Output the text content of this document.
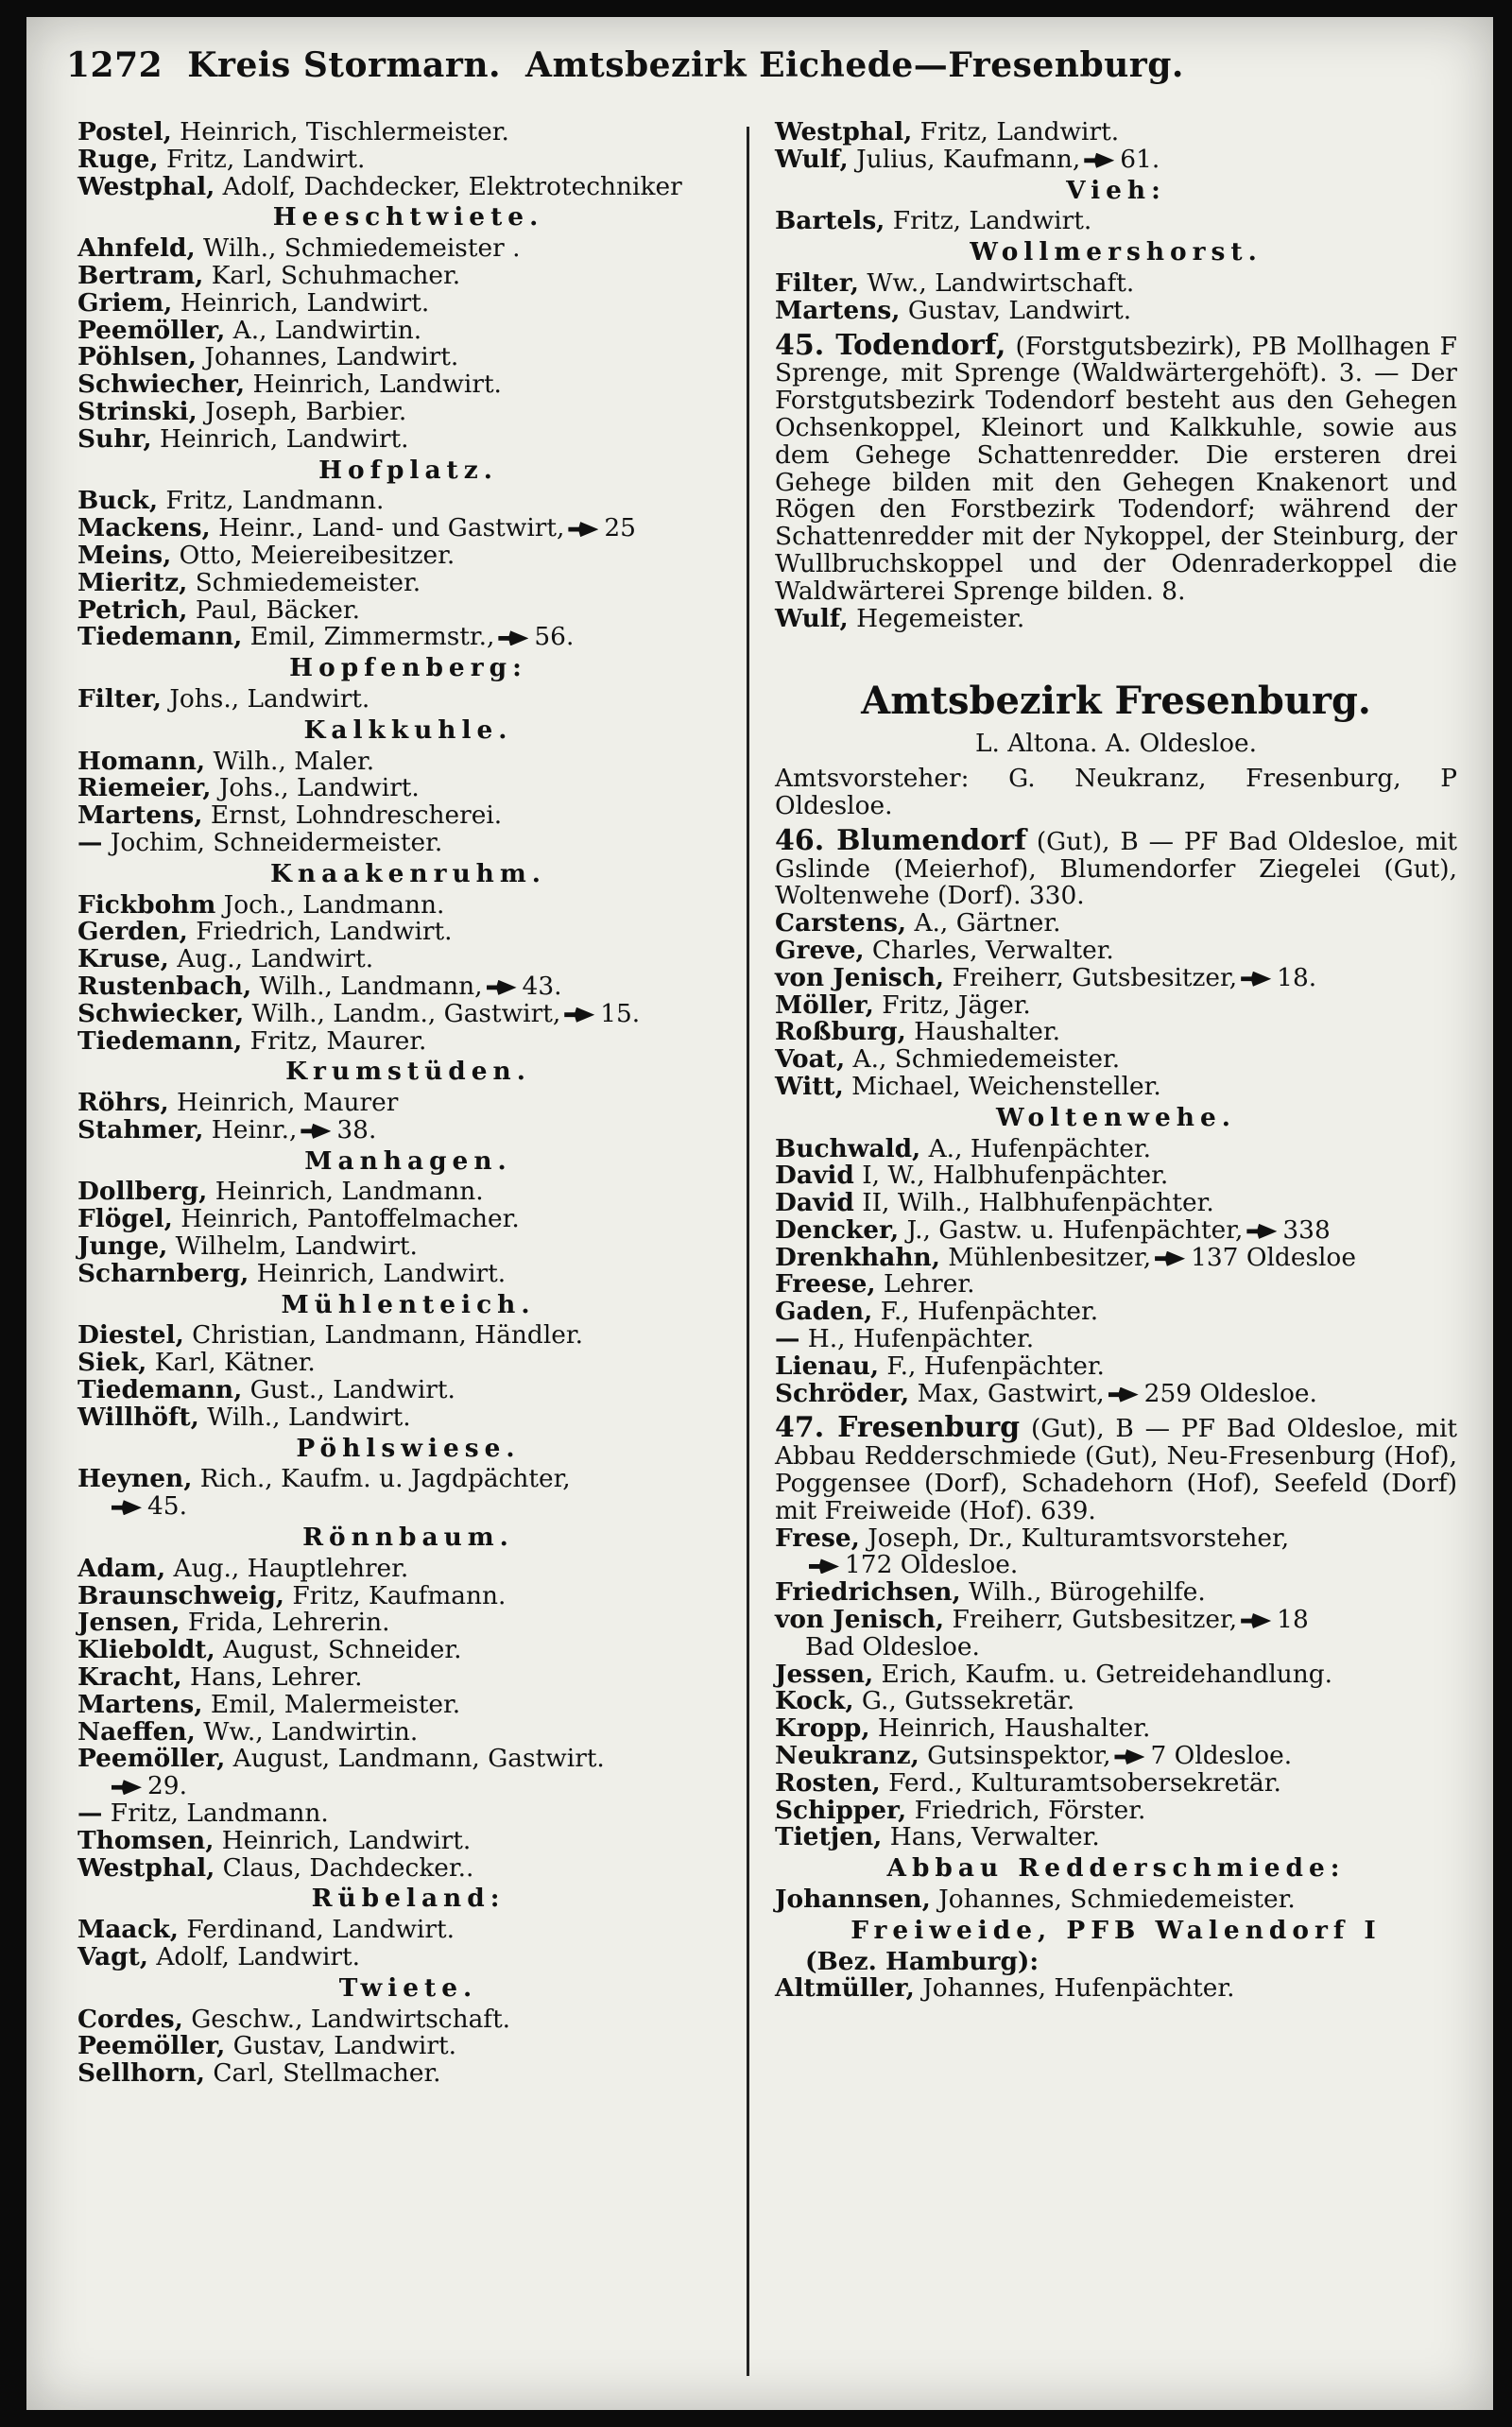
1272 Kreis Stormarn. Amtsbezirk Eichede—Fresenburg.
Postel, Heinrich, Tischlermeister.
Ruge, Fritz, Landwirt.
Westphal, Adolf, Dachdecker, Elektrotechniker
Heeschtwiete.
Ahnfeld, Wilh., Schmiedemeister .
Bertram, Karl, Schuhmacher.
Griem, Heinrich, Landwirt.
Peemöller, A., Landwirtin.
Pöhlsen, Johannes, Landwirt.
Schwiecher, Heinrich, Landwirt.
Strinski, Joseph, Barbier.
Suhr, Heinrich, Landwirt.
Hofplatz.
Buck, Fritz, Landmann.
Mackens, Heinr., Land- und Gastwirt, 25
Meins, Otto, Meiereibesitzer.
Mieritz, Schmiedemeister.
Petrich, Paul, Bäcker.
Tiedemann, Emil, Zimmermstr., 56.
Hopfenberg:
Filter, Johs., Landwirt.
Kalkkuhle.
Homann, Wilh., Maler.
Riemeier, Johs., Landwirt.
Martens, Ernst, Lohndrescherei.
— Jochim, Schneidermeister.
Knaakenruhm.
Fickbohm Joch., Landmann.
Gerden, Friedrich, Landwirt.
Kruse, Aug., Landwirt.
Rustenbach, Wilh., Landmann, 43.
Schwiecker, Wilh., Landm., Gastwirt, 15.
Tiedemann, Fritz, Maurer.
Krumstüden.
Röhrs, Heinrich, Maurer
Stahmer, Heinr., 38.
Manhagen.
Dollberg, Heinrich, Landmann.
Flögel, Heinrich, Pantoffelmacher.
Junge, Wilhelm, Landwirt.
Scharnberg, Heinrich, Landwirt.
Mühlenteich.
Diestel, Christian, Landmann, Händler.
Siek, Karl, Kätner.
Tiedemann, Gust., Landwirt.
Willhöft, Wilh., Landwirt.
Pöhlswiese.
Heynen, Rich., Kaufm. u. Jagdpächter,
45.
Rönnbaum.
Adam, Aug., Hauptlehrer.
Braunschweig, Fritz, Kaufmann.
Jensen, Frida, Lehrerin.
Klieboldt, August, Schneider.
Kracht, Hans, Lehrer.
Martens, Emil, Malermeister.
Naeffen, Ww., Landwirtin.
Peemöller, August, Landmann, Gastwirt.
29.
— Fritz, Landmann.
Thomsen, Heinrich, Landwirt.
Westphal, Claus, Dachdecker..
Rübeland:
Maack, Ferdinand, Landwirt.
Vagt, Adolf, Landwirt.
Twiete.
Cordes, Geschw., Landwirtschaft.
Peemöller, Gustav, Landwirt.
Sellhorn, Carl, Stellmacher.
Westphal, Fritz, Landwirt.
Wulf, Julius, Kaufmann, 61.
Vieh:
Bartels, Fritz, Landwirt.
Wollmershorst.
Filter, Ww., Landwirtschaft.
Martens, Gustav, Landwirt.
45. Todendorf, (Forstgutsbezirk), PB Mollhagen F Sprenge, mit Sprenge (Waldwärtergehöft). 3. — Der Forstgutsbezirk Todendorf besteht aus den Gehegen Ochsenkoppel, Kleinort und Kalkkuhle, sowie aus dem Gehege Schattenredder. Die ersteren drei Gehege bilden mit den Gehegen Knakenort und Rögen den Forstbezirk Todendorf; während der Schattenredder mit der Nykoppel, der Steinburg, der Wullbruchskoppel und der Odenraderkoppel die Waldwärterei Sprenge bilden. 8.
Wulf, Hegemeister.
Amtsbezirk Fresenburg.
L. Altona. A. Oldesloe.
Amtsvorsteher: G. Neukranz, Fresenburg, P Oldesloe.
46. Blumendorf (Gut), B — PF Bad Oldesloe, mit Gslinde (Meierhof), Blumendorfer Ziegelei (Gut), Woltenwehe (Dorf). 330.
Carstens, A., Gärtner.
Greve, Charles, Verwalter.
von Jenisch, Freiherr, Gutsbesitzer, 18.
Möller, Fritz, Jäger.
Roßburg, Haushalter.
Voat, A., Schmiedemeister.
Witt, Michael, Weichensteller.
Woltenwehe.
Buchwald, A., Hufenpächter.
David I, W., Halbhufenpächter.
David II, Wilh., Halbhufenpächter.
Dencker, J., Gastw. u. Hufenpächter, 338
Drenkhahn, Mühlenbesitzer, 137 Oldesloe
Freese, Lehrer.
Gaden, F., Hufenpächter.
— H., Hufenpächter.
Lienau, F., Hufenpächter.
Schröder, Max, Gastwirt, 259 Oldesloe.
47. Fresenburg (Gut), B — PF Bad Oldesloe, mit Abbau Redderschmiede (Gut), Neu-Fresenburg (Hof), Poggensee (Dorf), Schadehorn (Hof), Seefeld (Dorf) mit Freiweide (Hof). 639.
Frese, Joseph, Dr., Kulturamtsvorsteher,
172 Oldesloe.
Friedrichsen, Wilh., Bürogehilfe.
von Jenisch, Freiherr, Gutsbesitzer, 18
Bad Oldesloe.
Jessen, Erich, Kaufm. u. Getreidehandlung.
Kock, G., Gutssekretär.
Kropp, Heinrich, Haushalter.
Neukranz, Gutsinspektor, 7 Oldesloe.
Rosten, Ferd., Kulturamtsobersekretär.
Schipper, Friedrich, Förster.
Tietjen, Hans, Verwalter.
Abbau Redderschmiede:
Johannsen, Johannes, Schmiedemeister.
Freiweide, PFB Walendorf I
(Bez. Hamburg):
Altmüller, Johannes, Hufenpächter.
